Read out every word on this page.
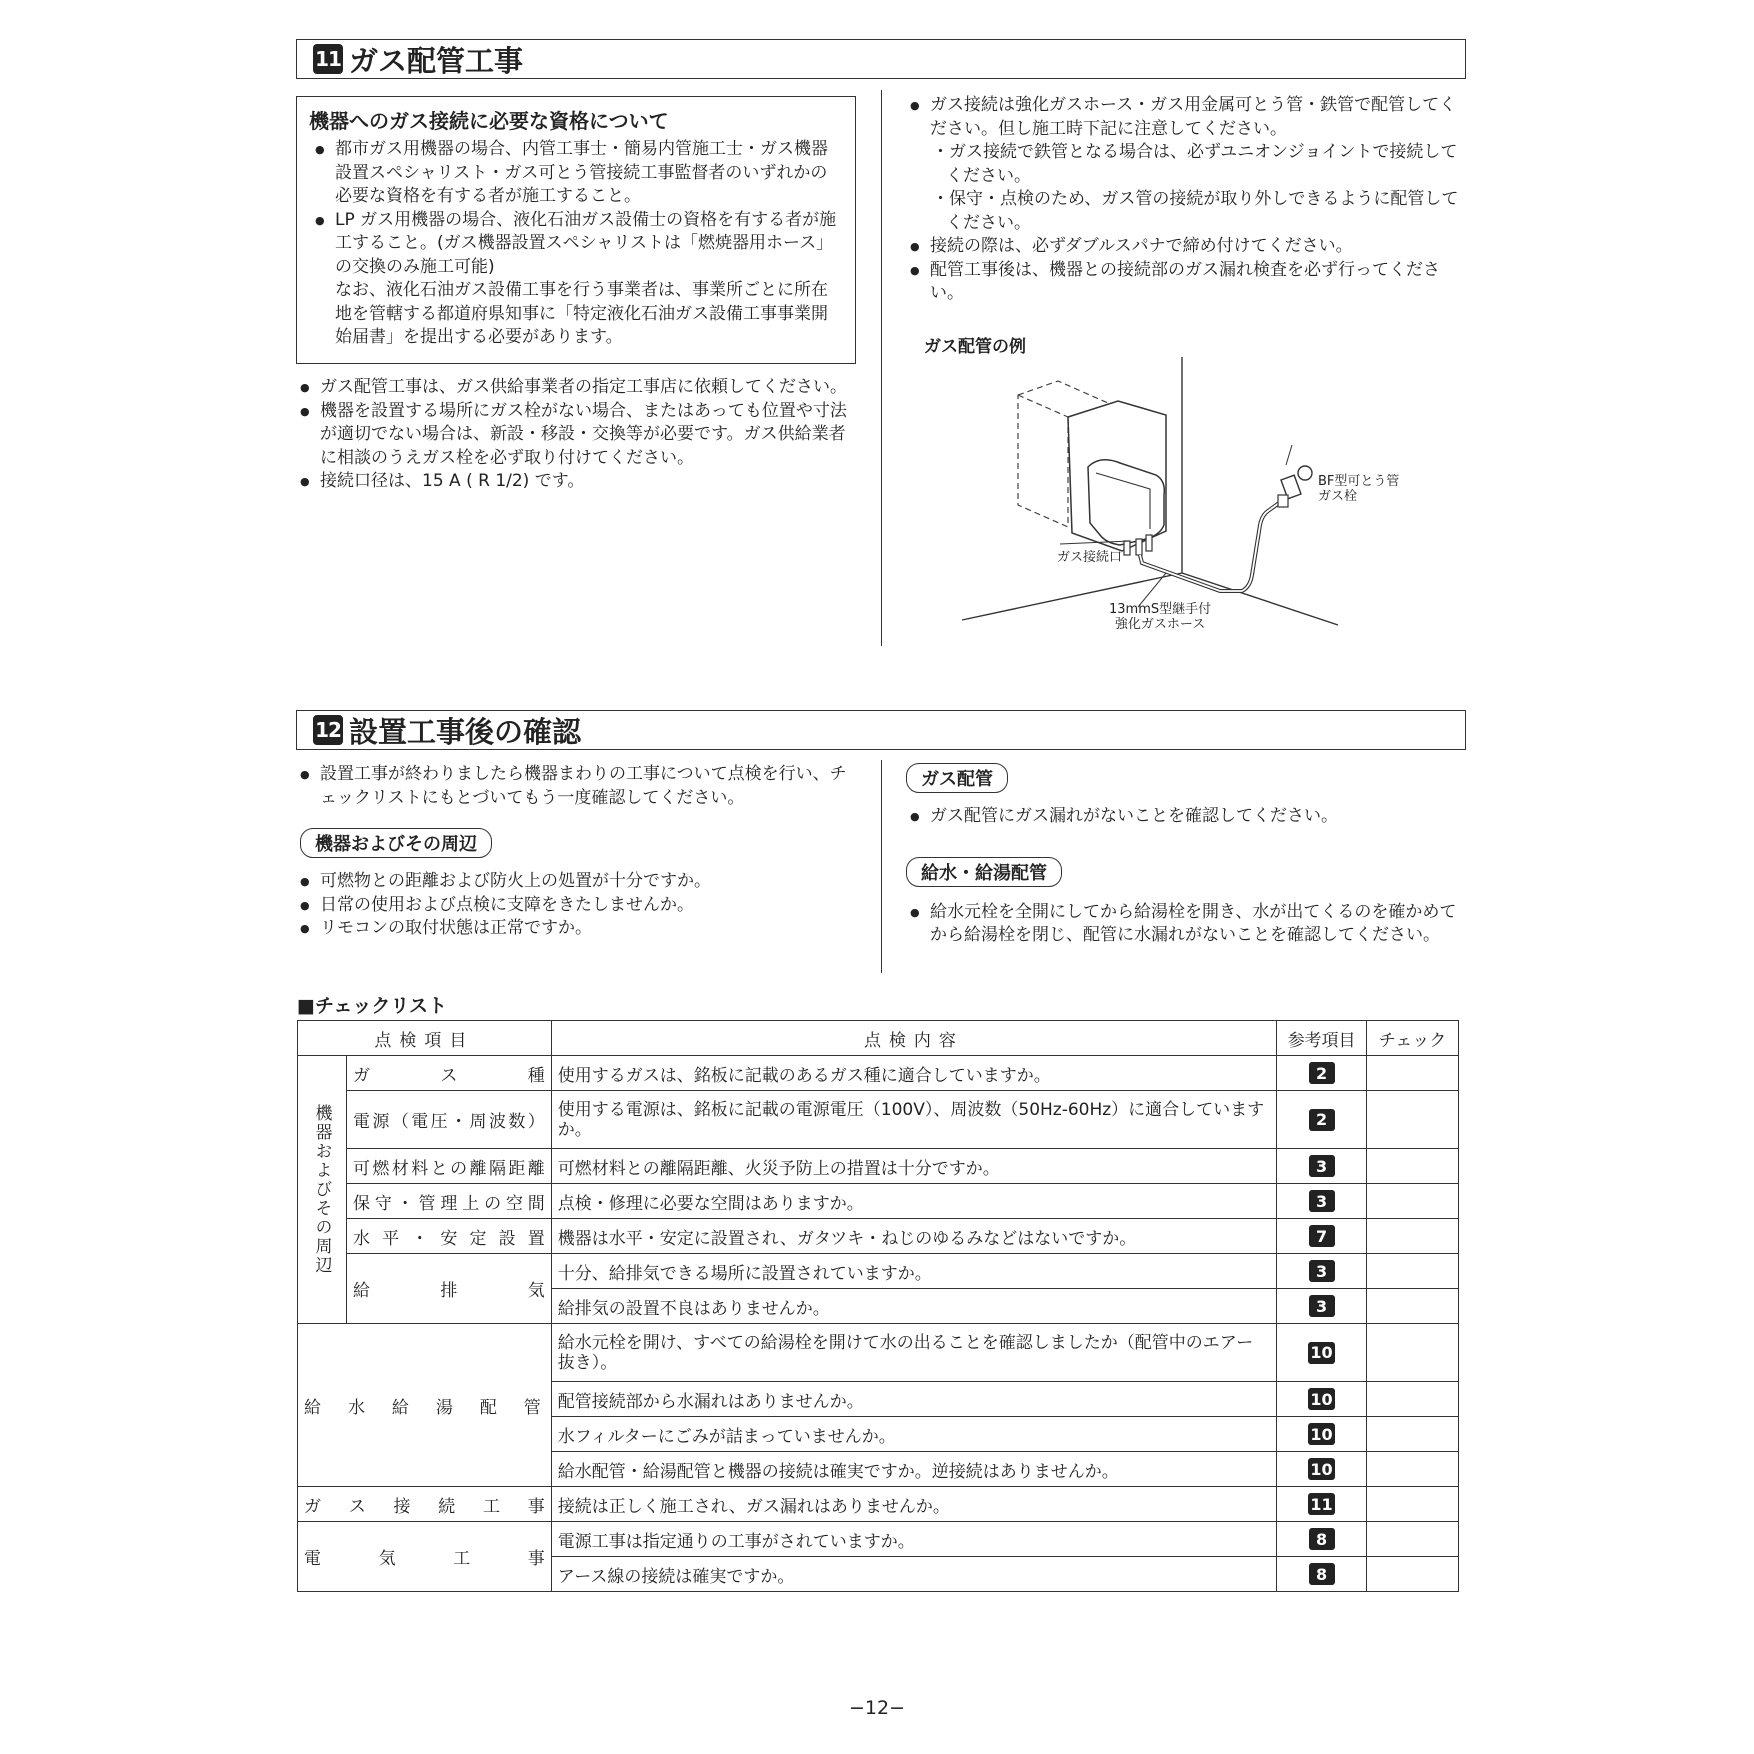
11 ガス配管工事
機器へのガス接続に必要な資格について
● 都市ガス用機器の場合、内管工事士・簡易内管施工士・ガス機器設置スペシャリスト・ガス可とう管接続工事監督者のいずれかの必要な資格を有する者が施工すること。
● LP ガス用機器の場合、液化石油ガス設備士の資格を有する者が施工すること。(ガス機器設置スペシャリストは「燃焼器用ホース」の交換のみ施工可能)
なお、液化石油ガス設備工事を行う事業者は、事業所ごとに所在地を管轄する都道府県知事に「特定液化石油ガス設備工事事業開始届書」を提出する必要があります。
● ガス配管工事は、ガス供給事業者の指定工事店に依頼してください。
● 機器を設置する場所にガス栓がない場合、またはあっても位置や寸法が適切でない場合は、新設・移設・交換等が必要です。ガス供給業者に相談のうえガス栓を必ず取り付けてください。
● 接続口径は、15 A ( R 1/2) です。
● ガス接続は強化ガスホース・ガス用金属可とう管・鉄管で配管してください。但し施工時下記に注意してください。
・ガス接続で鉄管となる場合は、必ずユニオンジョイントで接続してください。
・保守・点検のため、ガス管の接続が取り外しできるように配管してください。
● 接続の際は、必ずダブルスパナで締め付けてください。
● 配管工事後は、機器との接続部のガス漏れ検査を必ず行ってください。
ガス配管の例
BF型可とう管
ガス栓
ガス接続口
13mmS型継手付
強化ガスホース
12 設置工事後の確認
● 設置工事が終わりましたら機器まわりの工事について点検を行い、チェックリストにもとづいてもう一度確認してください。
機器およびその周辺
● 可燃物との距離および防火上の処置が十分ですか。
● 日常の使用および点検に支障をきたしませんか。
● リモコンの取付状態は正常ですか。
ガス配管
● ガス配管にガス漏れがないことを確認してください。
給水・給湯配管
● 給水元栓を全開にしてから給湯栓を開き、水が出てくるのを確かめてから給湯栓を閉じ、配管に水漏れがないことを確認してください。
■チェックリスト
点検項目		点検内容	参考項目	チェック

機器およびその周辺	ガ　ス　種	使用するガスは、銘板に記載のあるガス種に適合していますか。	2	
	電源（電圧・周波数）	使用する電源は、銘板に記載の電源電圧（100V）、周波数（50Hz-60Hz）に適合していますか。	2	
	可燃材料との離隔距離	可燃材料との離隔距離、火災予防上の措置は十分ですか。	3	
	保守・管理上の空間	点検・修理に必要な空間はありますか。	3	
	水平・安定設置	機器は水平・安定に設置され、ガタツキ・ねじのゆるみなどはないですか。	7	
	給　排　気	十分、給排気できる場所に設置されていますか。	3	
		給排気の設置不良はありませんか。	3	
給水給湯配管		給水元栓を開け、すべての給湯栓を開けて水の出ることを確認しましたか（配管中のエアー抜き）。	10	
		配管接続部から水漏れはありませんか。	10	
		水フィルターにごみが詰まっていませんか。	10	
		給水配管・給湯配管と機器の接続は確実ですか。逆接続はありませんか。	10	
ガス接続工事		接続は正しく施工され、ガス漏れはありませんか。	11	
電気工事		電源工事は指定通りの工事がされていますか。	8	
		アース線の接続は確実ですか。	8	
−12−
